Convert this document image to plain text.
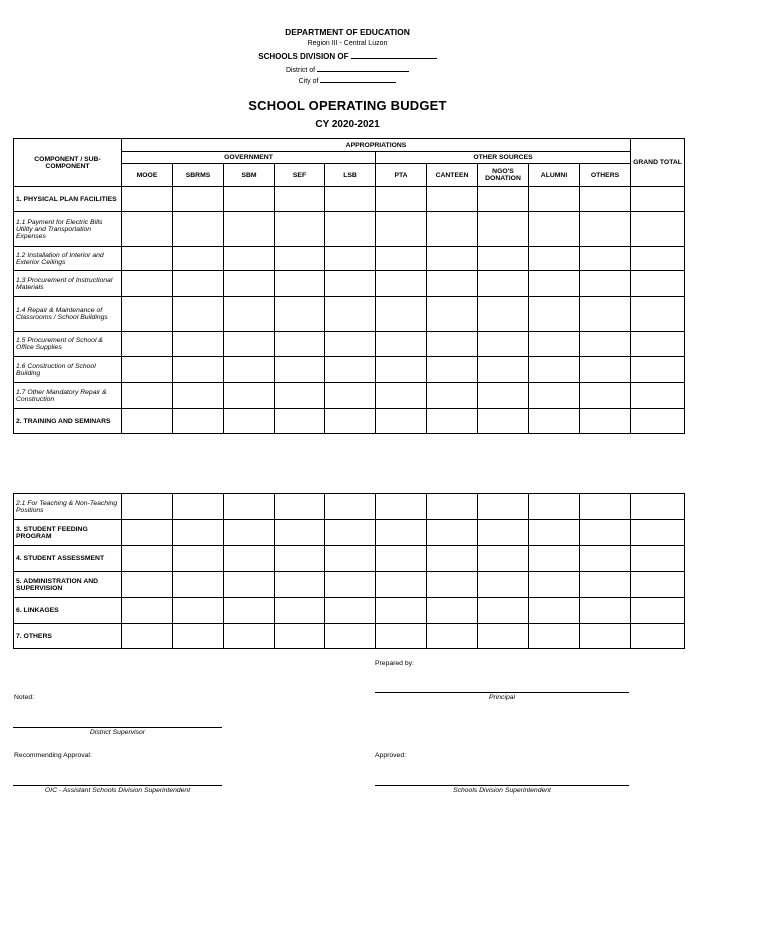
DEPARTMENT OF EDUCATION
Region III - Central Luzon
SCHOOLS DIVISION OF
District of
City of
SCHOOL OPERATING BUDGET
CY 2020-2021
COMPONENT / SUB-COMPONENT	APPROPRIATIONS										GRAND TOTAL
	GOVERNMENT					OTHER SOURCES					
	MOOE	SBRMS	SBM	SEF	LSB	PTA	CANTEEN	NGO'S DONATION	ALUMNI	OTHERS	
1. PHYSICAL PLAN FACILITIES											
1.1 Payment for Electric Bills Utility and Transportation Expenses											
1.2 Installation of Interior and Exterior Ceilings											
1.3 Procurement of Instructional Materials											
1.4 Repair & Maintenance of Classrooms / School Buildings											
1.5 Procurement of School & Office Supplies											
1.6 Construction of School Building											
1.7 Other Mandatory Repair & Construction											
2. TRAINING AND SEMINARS											
2.1 For Teaching & Non-Teaching Positions											
3. STUDENT FEEDING PROGRAM											
4. STUDENT ASSESSMENT											
5. ADMINISTRATION AND SUPERVISION											
6. LINKAGES											
7. OTHERS											
Prepared by:
Principal
Noted:
District Supervisor
Recommending Approval:
OIC - Assistant Schools Division Superintendent
Approved:
Schools Division Superintendent
